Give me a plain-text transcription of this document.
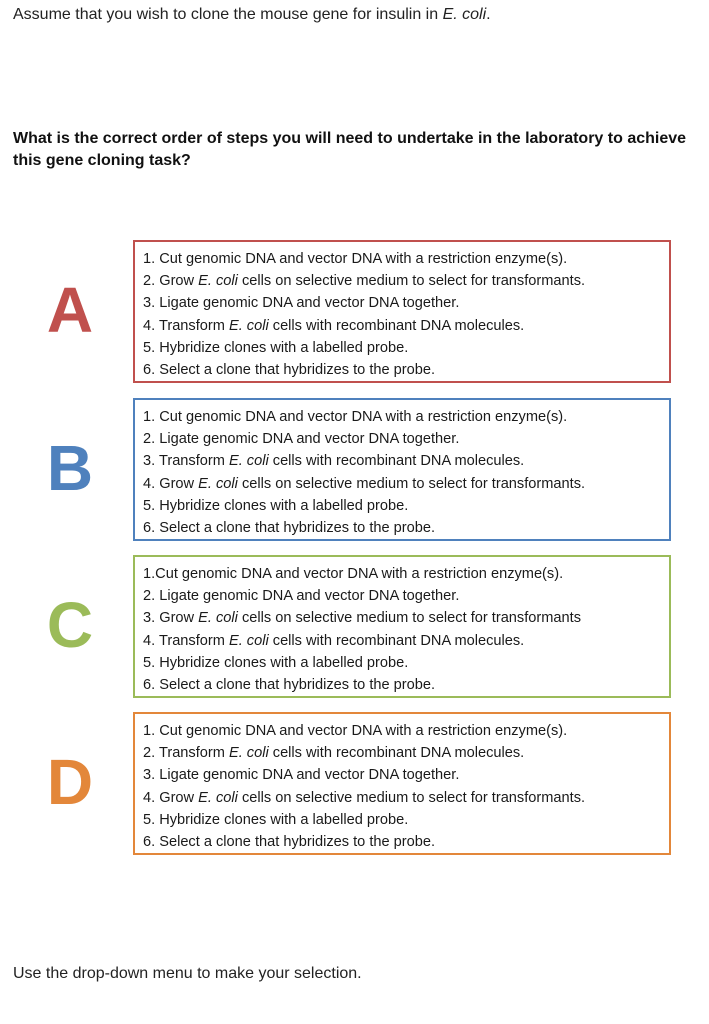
Assume that you wish to clone the mouse gene for insulin in E. coli.
What is the correct order of steps you will need to undertake in the laboratory to achieve this gene cloning task?
A
1. Cut genomic DNA and vector DNA with a restriction enzyme(s).
2. Grow E. coli cells on selective medium to select for transformants.
3. Ligate genomic DNA and vector DNA together.
4. Transform E. coli cells with recombinant DNA molecules.
5. Hybridize clones with a labelled probe.
6. Select a clone that hybridizes to the probe.
B
1. Cut genomic DNA and vector DNA with a restriction enzyme(s).
2. Ligate genomic DNA and vector DNA together.
3. Transform E. coli cells with recombinant DNA molecules.
4. Grow E. coli cells on selective medium to select for transformants.
5. Hybridize clones with a labelled probe.
6. Select a clone that hybridizes to the probe.
C
1.Cut genomic DNA and vector DNA with a restriction enzyme(s).
2. Ligate genomic DNA and vector DNA together.
3. Grow E. coli cells on selective medium to select for transformants
4. Transform E. coli cells with recombinant DNA molecules.
5. Hybridize clones with a labelled probe.
6. Select a clone that hybridizes to the probe.
D
1. Cut genomic DNA and vector DNA with a restriction enzyme(s).
2. Transform E. coli cells with recombinant DNA molecules.
3. Ligate genomic DNA and vector DNA together.
4. Grow E. coli cells on selective medium to select for transformants.
5. Hybridize clones with a labelled probe.
6. Select a clone that hybridizes to the probe.
Use the drop-down menu to make your selection.
